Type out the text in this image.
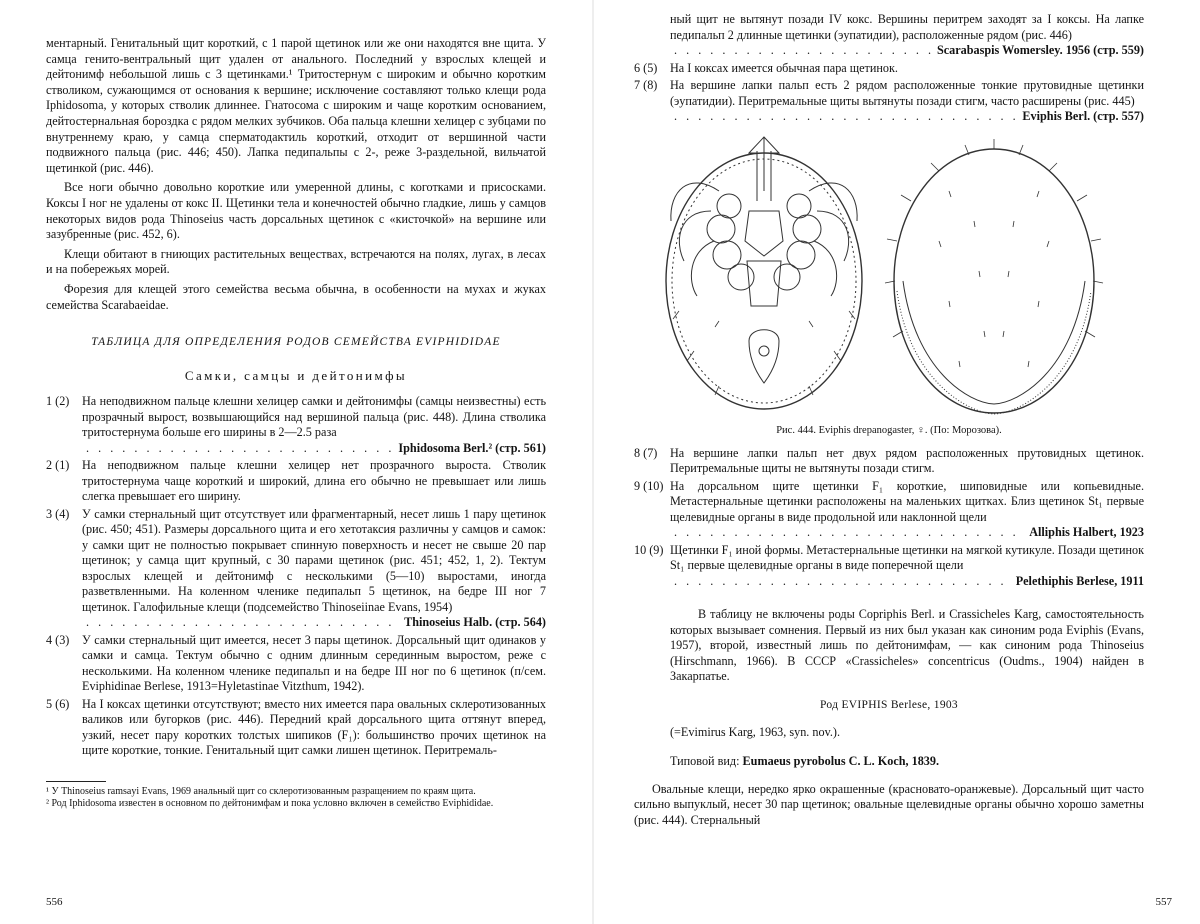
ментарный. Генитальный щит короткий, с 1 парой щетинок или же они находятся вне щита. У самца генито-вентральный щит удален от анального. Последний у взрослых клещей и дейтонимф небольшой лишь с 3 щетинками.¹ Тритостернум с широким и обычно коротким стволиком, сужающимся от основания к вершине; исключение составляют только клещи рода Iphidosoma, у которых стволик длиннее. Гнатосома с широким и чаще коротким основанием, дейтостернальная бороздка с рядом мелких зубчиков. Оба пальца клешни хелицер с зубцами по внутреннему краю, у самца сперматодактиль короткий, отходит от вершинной части подвижного пальца (рис. 446; 450). Лапка педипальпы с 2-, реже 3-раздельной, вильчатой щетинкой (рис. 446).

Все ноги обычно довольно короткие или умеренной длины, с коготками и присосками. Коксы I ног не удалены от кокс II. Щетинки тела и конечностей обычно гладкие, лишь у самцов некоторых видов рода Thinoseius часть дорсальных щетинок с «кисточкой» на вершине или зазубренные (рис. 452, 6).

Клещи обитают в гниющих растительных веществах, встречаются на полях, лугах, в лесах и на побережьях морей.

Форезия для клещей этого семейства весьма обычна, в особенности на мухах и жуках семейства Scarabaeidae.

ТАБЛИЦА ДЛЯ ОПРЕДЕЛЕНИЯ РОДОВ СЕМЕЙСТВА EVIPHIDIDAE

Самки, самцы и дейтонимфы

1 (2)	На неподвижном пальце клешни хелицер самки и дейтонимфы (самцы неизвестны) есть прозрачный вырост, возвышающийся над вершиной пальца (рис. 448). Длина стволика тритостернума больше его ширины в 2—2.5 раза
. . .
Iphidosoma Berl.² (стр. 561)
2 (1)	На неподвижном пальце клешни хелицер нет прозрачного выроста. Стволик тритостернума чаще короткий и широкий, длина его обычно не превышает или лишь слегка превышает его ширину.
3 (4)	У самки стернальный щит отсутствует или фрагментарный, несет лишь 1 пару щетинок (рис. 450; 451). Размеры дорсального щита и его хетотаксия различны у самцов и самок: у самки щит не полностью покрывает спинную поверхность и несет не свыше 20 пар щетинок; у самца щит крупный, с 30 парами щетинок (рис. 451; 452, 1, 2). Тектум взрослых клещей и дейтонимф с несколькими (5—10) выростами, иногда разветвленными. На коленном членике педипальп 5 щетинок, на бедре III ног 7 щетинок. Галофильные клещи (подсемейство Thinoseiinae Evans, 1954)
. . .
Thinoseius Halb. (стр. 564)
4 (3)	У самки стернальный щит имеется, несет 3 пары щетинок. Дорсальный щит одинаков у самки и самца. Тектум обычно с одним длинным серединным выростом, реже с несколькими. На коленном членике педипальп и на бедре III ног по 6 щетинок (п/сем. Eviphidinae Berlese, 1913=Hyletastinae Vitzthum, 1942).
5 (6)	На I коксах щетинки отсутствуют; вместо них имеется пара овальных склеротизованных валиков или бугорков (рис. 446). Передний край дорсального щита оттянут вперед, узкий, несет пару коротких толстых шипиков (F₁): большинство прочих щетинок на щите короткие, тонкие. Генитальный щит самки лишен щетинок. Перитремаль-

¹ У Thinoseius ramsayi Evans, 1969 анальный щит со склеротизованным разращением по краям щита.

² Род Iphidosoma известен в основном по дейтонимфам и пока условно включен в семейство Eviphididae.

556
ный щит не вытянут позади IV кокс. Вершины перитрем заходят за I коксы. На лапке педипальп 2 длинные щетинки (эупатидии), расположенные рядом (рис. 446)
. . .
Scarabaspis Womersley. 1956 (стр. 559)
6 (5)	На I коксах имеется обычная пара щетинок.
7 (8)	На вершине лапки пальп есть 2 рядом расположенные тонкие прутовидные щетинки (эупатидии). Перитремальные щиты вытянуты позади стигм, часто расширены (рис. 445)
. . .
Eviphis Berl. (стр. 557)

Рис. 444. Eviphis drepanogaster, ♀. (По: Морозова).

8 (7)	На вершине лапки пальп нет двух рядом расположенных прутовидных щетинок. Перитремальные щиты не вытянуты позади стигм.
9 (10) На дорсальном щите щетинки F₁ короткие, шиповидные или копьевидные. Метастернальные щетинки расположены на маленьких щитках. Близ щетинок St₁ первые щелевидные органы в виде продольной или наклонной щели
. . .
Alliphis Halbert, 1923
10 (9) Щетинки F₁ иной формы. Метастернальные щетинки на мягкой кутикуле. Позади щетинок St₁ первые щелевидные органы в виде поперечной щели
. . .
Pelethiphis Berlese, 1911

В таблицу не включены роды Copriphis Berl. и Crassicheles Karg, самостоятельность которых вызывает сомнения. Первый из них был указан как синоним рода Eviphis (Evans, 1957), второй, известный лишь по дейтонимфам, — как синоним рода Thinoseius (Hirschmann, 1966). В СССР «Crassicheles» concentricus (Oudms., 1904) найден в Закарпатье.

Род EVIPHIS Berlese, 1903

(=Evimirus Karg, 1963, syn. nov.).

Типовой вид: Eumaeus pyrobolus C. L. Koch, 1839.

Овальные клещи, нередко ярко окрашенные (красновато-оранжевые). Дорсальный щит часто сильно выпуклый, несет 30 пар щетинок; овальные щелевидные органы обычно хорошо заметны (рис. 444). Стернальный

557
